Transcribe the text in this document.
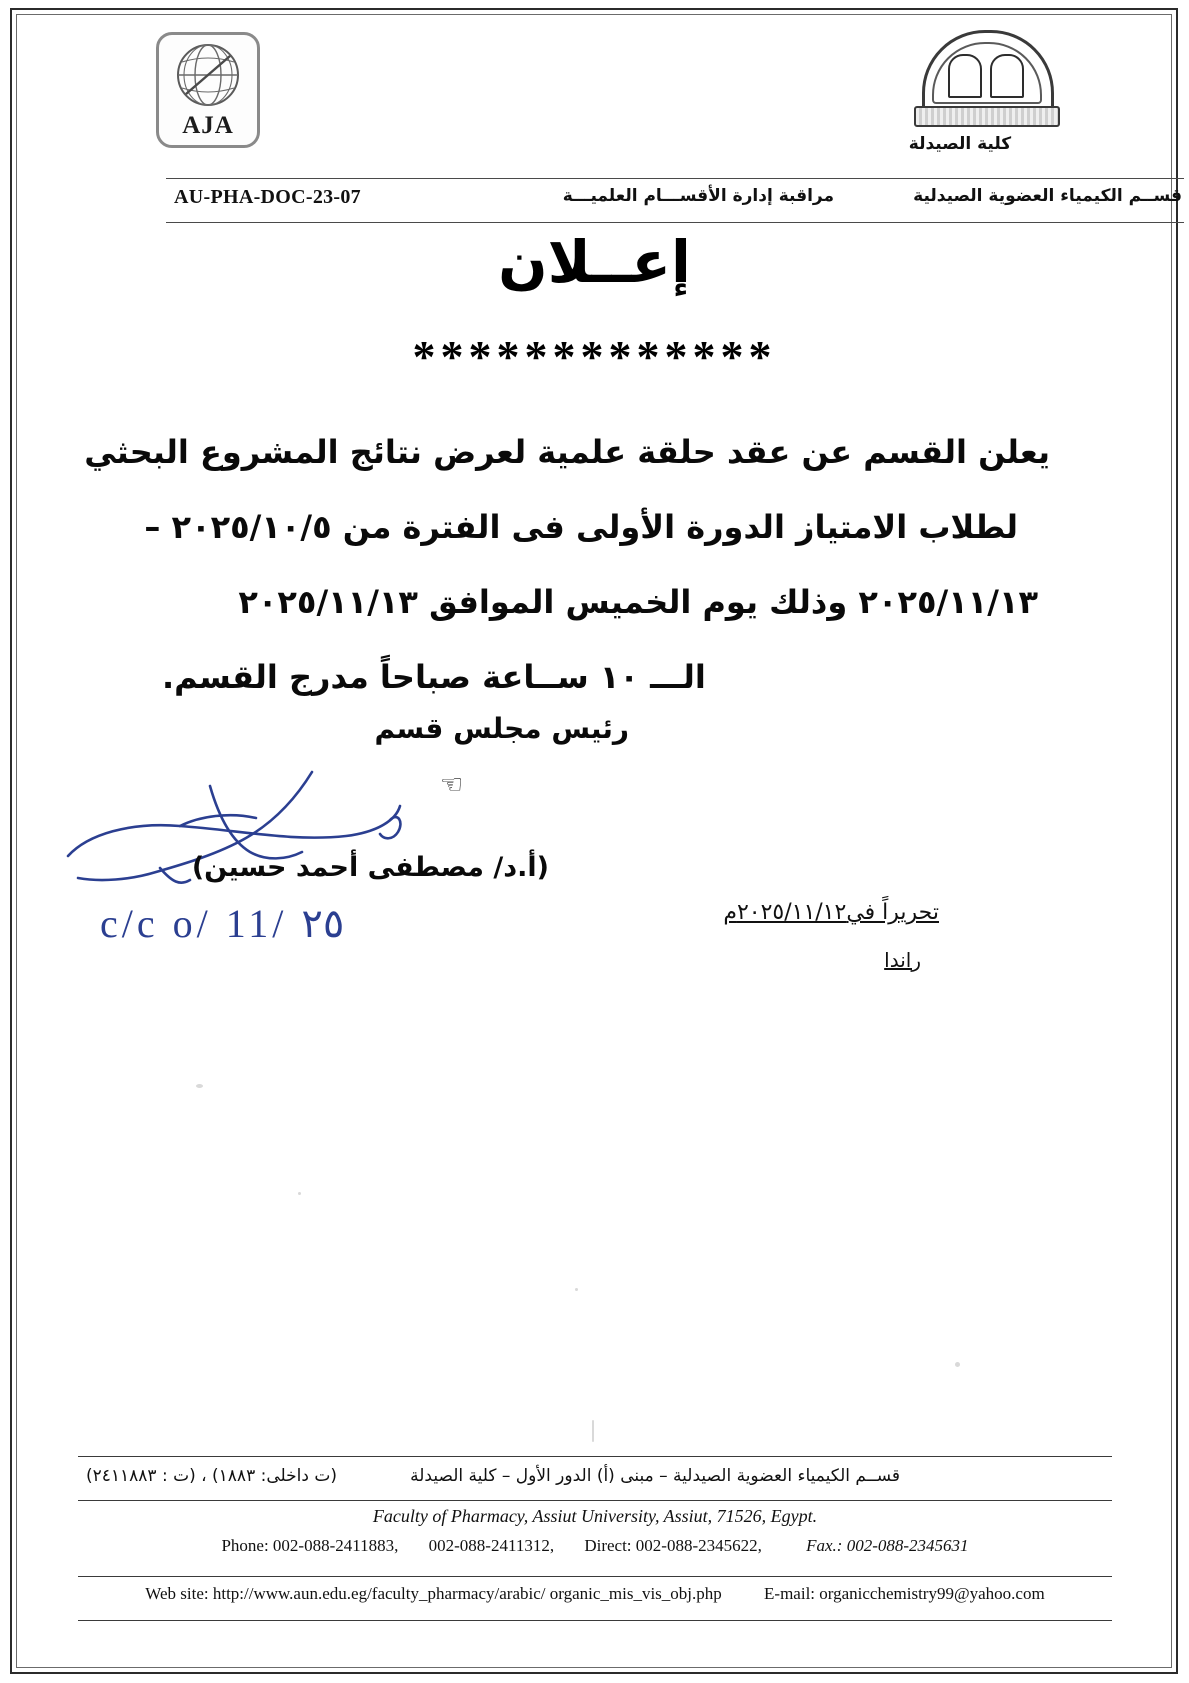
AJA
كلية الصيدلة
قســم الكيمياء العضوية الصيدلية
مراقبة إدارة الأقســـام العلميـــة
AU-PHA-DOC-23-07
إعــلان
*************
يعلن القسم عن عقد حلقة علمية لعرض نتائج المشروع البحثي
لطلاب الامتياز الدورة الأولى فى الفترة من ٢٠٢٥/١٠/٥ –
٢٠٢٥/١١/١٣ وذلك يوم الخميس الموافق ٢٠٢٥/١١/١٣
الـــ ١٠ ســاعة صباحاً مدرج القسم.
رئيس مجلس قسم
☞
(أ.د/ مصطفى أحمد حسين)
c/c o/ 11/ ٢٥	تحريراً في٢٠٢٥/١١/١٢م
راندا
قســم الكيمياء العضوية الصيدلية – مبنى (أ) الدور الأول – كلية الصيدلة
(ت داخلى: ١٨٨٣) ، (ت : ٢٤١١٨٨٣)
Faculty of Pharmacy, Assiut University, Assiut, 71526, Egypt.
Phone: 002-088-2411883, 002-088-2411312, Direct: 002-088-2345622,	Fax.: 002-088-2345631
Web site: http://www.aun.edu.eg/faculty_pharmacy/arabic/ organic_mis_vis_obj.php E-mail: organicchemistry99@yahoo.com
